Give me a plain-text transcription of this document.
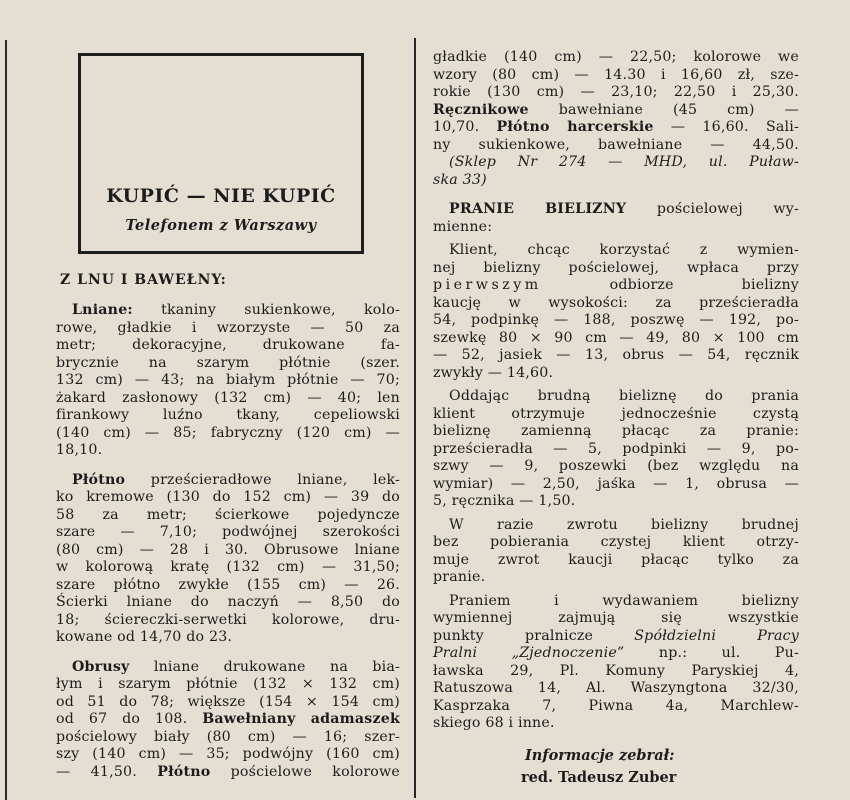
KUPIĆ — NIE KUPIĆ
Telefonem z Warszawy
Z LNU I BAWEŁNY:
Lniane: tkaniny sukienkowe, kolo-
rowe, gładkie i wzorzyste — 50 za
metr; dekoracyjne, drukowane fa-
brycznie na szarym płótnie (szer.
132 cm) — 43; na białym płótnie — 70;
żakard zasłonowy (132 cm) — 40; len
firankowy luźno tkany, cepeliowski
(140 cm) — 85; fabryczny (120 cm) —
18,10.
Płótno prześcieradłowe lniane, lek-
ko kremowe (130 do 152 cm) — 39 do
58 za metr; ścierkowe pojedyncze
szare — 7,10; podwójnej szerokości
(80 cm) — 28 i 30. Obrusowe lniane
w kolorową kratę (132 cm) — 31,50;
szare płótno zwykłe (155 cm) — 26.
Ścierki lniane do naczyń — 8,50 do
18; ściereczki-serwetki kolorowe, dru-
kowane od 14,70 do 23.
Obrusy lniane drukowane na bia-
łym i szarym płótnie (132 × 132 cm)
od 51 do 78; większe (154 × 154 cm)
od 67 do 108. Bawełniany adamaszek
pościelowy biały (80 cm) — 16; szer-
szy (140 cm) — 35; podwójny (160 cm)
— 41,50. Płótno pościelowe kolorowe
gładkie (140 cm) — 22,50; kolorowe we
wzory (80 cm) — 14.30 i 16,60 zł, sze-
rokie (130 cm) — 23,10; 22,50 i 25,30.
Ręcznikowe bawełniane (45 cm) —
10,70. Płótno harcerskie — 16,60. Sali-
ny sukienkowe, bawełniane — 44,50.
(Sklep Nr 274 — MHD, ul. Puław-
ska 33)
PRANIE BIELIZNY pościelowej wy-
mienne:
Klient, chcąc korzystać z wymien-
nej bielizny pościelowej, wpłaca przy
pierwszym odbiorze bielizny
kaucję w wysokości: za prześcieradła
54, podpinkę — 188, poszwę — 192, po-
szewkę 80 × 90 cm — 49, 80 × 100 cm
— 52, jasiek — 13, obrus — 54, ręcznik
zwykły — 14,60.
Oddając brudną bieliznę do prania
klient otrzymuje jednocześnie czystą
bieliznę zamienną płacąc za pranie:
prześcieradła — 5, podpinki — 9, po-
szwy — 9, poszewki (bez względu na
wymiar) — 2,50, jaśka — 1, obrusa —
5, ręcznika — 1,50.
W razie zwrotu bielizny brudnej
bez pobierania czystej klient otrzy-
muje zwrot kaucji płacąc tylko za
pranie.
Praniem i wydawaniem bielizny
wymiennej zajmują się wszystkie
punkty pralnicze Spółdzielni Pracy
Pralni „Zjednoczenie” np.: ul. Pu-
ławska 29, Pl. Komuny Paryskiej 4,
Ratuszowa 14, Al. Waszyngtona 32/30,
Kasprzaka 7, Piwna 4a, Marchlew-
skiego 68 i inne.
Informacje zebrał:
red. Tadeusz Zuber
